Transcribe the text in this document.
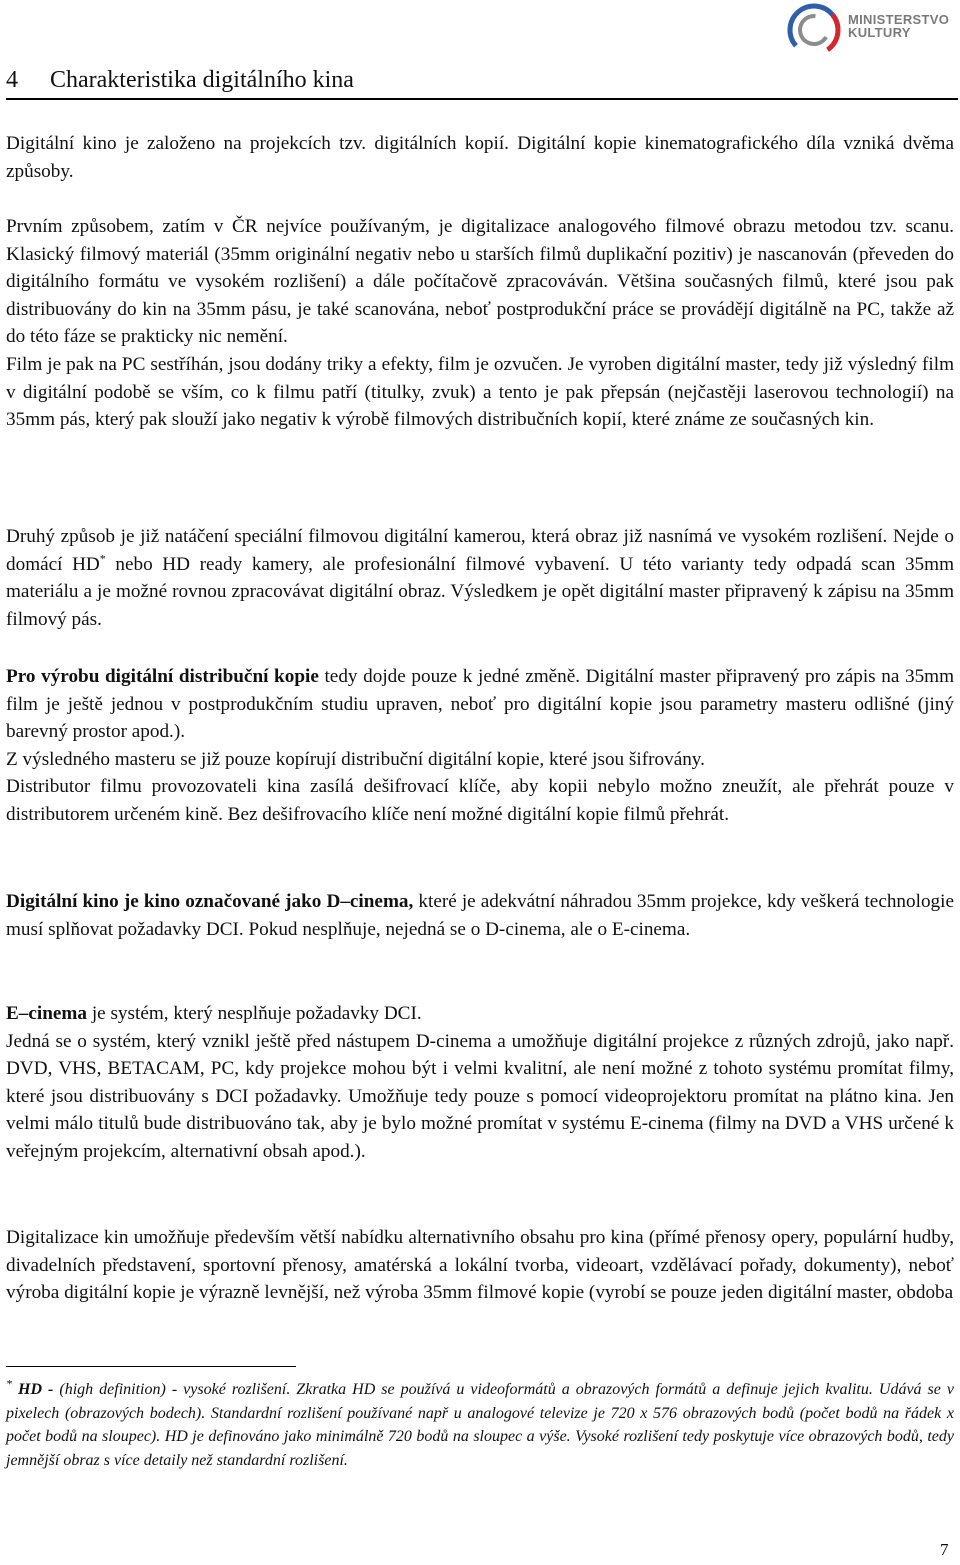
MINISTERSTVO
KULTURY
4 Charakteristika digitálního kina

Digitální kino je založeno na projekcích tzv. digitálních kopií. Digitální kopie kinematografického díla vzniká dvěma způsoby.

Prvním způsobem, zatím v ČR nejvíce používaným, je digitalizace analogového filmové obrazu metodou tzv. scanu. Klasický filmový materiál (35mm originální negativ nebo u starších filmů duplikační pozitiv) je nascanován (převeden do digitálního formátu ve vysokém rozlišení) a dále počítačově zpracováván. Většina současných filmů, které jsou pak distribuovány do kin na 35mm pásu, je také scanována, neboť postprodukční práce se provádějí digitálně na PC, takže až do této fáze se prakticky nic nemění.
Film je pak na PC sestříhán, jsou dodány triky a efekty, film je ozvučen. Je vyroben digitální master, tedy již výsledný film v digitální podobě se vším, co k filmu patří (titulky, zvuk) a tento je pak přepsán (nejčastěji laserovou technologií) na 35mm pás, který pak slouží jako negativ k výrobě filmových distribučních kopií, které známe ze současných kin.

Druhý způsob je již natáčení speciální filmovou digitální kamerou, která obraz již nasnímá ve vysokém rozlišení. Nejde o domácí HD* nebo HD ready kamery, ale profesionální filmové vybavení. U této varianty tedy odpadá scan 35mm materiálu a je možné rovnou zpracovávat digitální obraz. Výsledkem je opět digitální master připravený k zápisu na 35mm filmový pás.

Pro výrobu digitální distribuční kopie tedy dojde pouze k jedné změně. Digitální master připravený pro zápis na 35mm film je ještě jednou v postprodukčním studiu upraven, neboť pro digitální kopie jsou parametry masteru odlišné (jiný barevný prostor apod.).
Z výsledného masteru se již pouze kopírují distribuční digitální kopie, které jsou šifrovány.
Distributor filmu provozovateli kina zasílá dešifrovací klíče, aby kopii nebylo možno zneužít, ale přehrát pouze v distributorem určeném kině. Bez dešifrovacího klíče není možné digitální kopie filmů přehrát.

Digitální kino je kino označované jako D–cinema, které je adekvátní náhradou 35mm projekce, kdy veškerá technologie musí splňovat požadavky DCI. Pokud nesplňuje, nejedná se o D-cinema, ale o E-cinema.

E–cinema je systém, který nesplňuje požadavky DCI.
Jedná se o systém, který vznikl ještě před nástupem D-cinema a umožňuje digitální projekce z různých zdrojů, jako např. DVD, VHS, BETACAM, PC, kdy projekce mohou být i velmi kvalitní, ale není možné z tohoto systému promítat filmy, které jsou distribuovány s DCI požadavky. Umožňuje tedy pouze s pomocí videoprojektoru promítat na plátno kina. Jen velmi málo titulů bude distribuováno tak, aby je bylo možné promítat v systému E-cinema (filmy na DVD a VHS určené k veřejným projekcím, alternativní obsah apod.).

Digitalizace kin umožňuje především větší nabídku alternativního obsahu pro kina (přímé přenosy opery, populární hudby, divadelních představení, sportovní přenosy, amatérská a lokální tvorba, videoart, vzdělávací pořady, dokumenty), neboť výroba digitální kopie je výrazně levnější, než výroba 35mm filmové kopie (vyrobí se pouze jeden digitální master, obdoba

* HD - (high definition) - vysoké rozlišení. Zkratka HD se používá u videoformátů a obrazových formátů a definuje jejich kvalitu. Udává se v pixelech (obrazových bodech). Standardní rozlišení používané např u analogové televize je 720 x 576 obrazových bodů (počet bodů na řádek x počet bodů na sloupec). HD je definováno jako minimálně 720 bodů na sloupec a výše. Vysoké rozlišení tedy poskytuje více obrazových bodů, tedy jemnější obraz s více detaily než standardní rozlišení.

7
